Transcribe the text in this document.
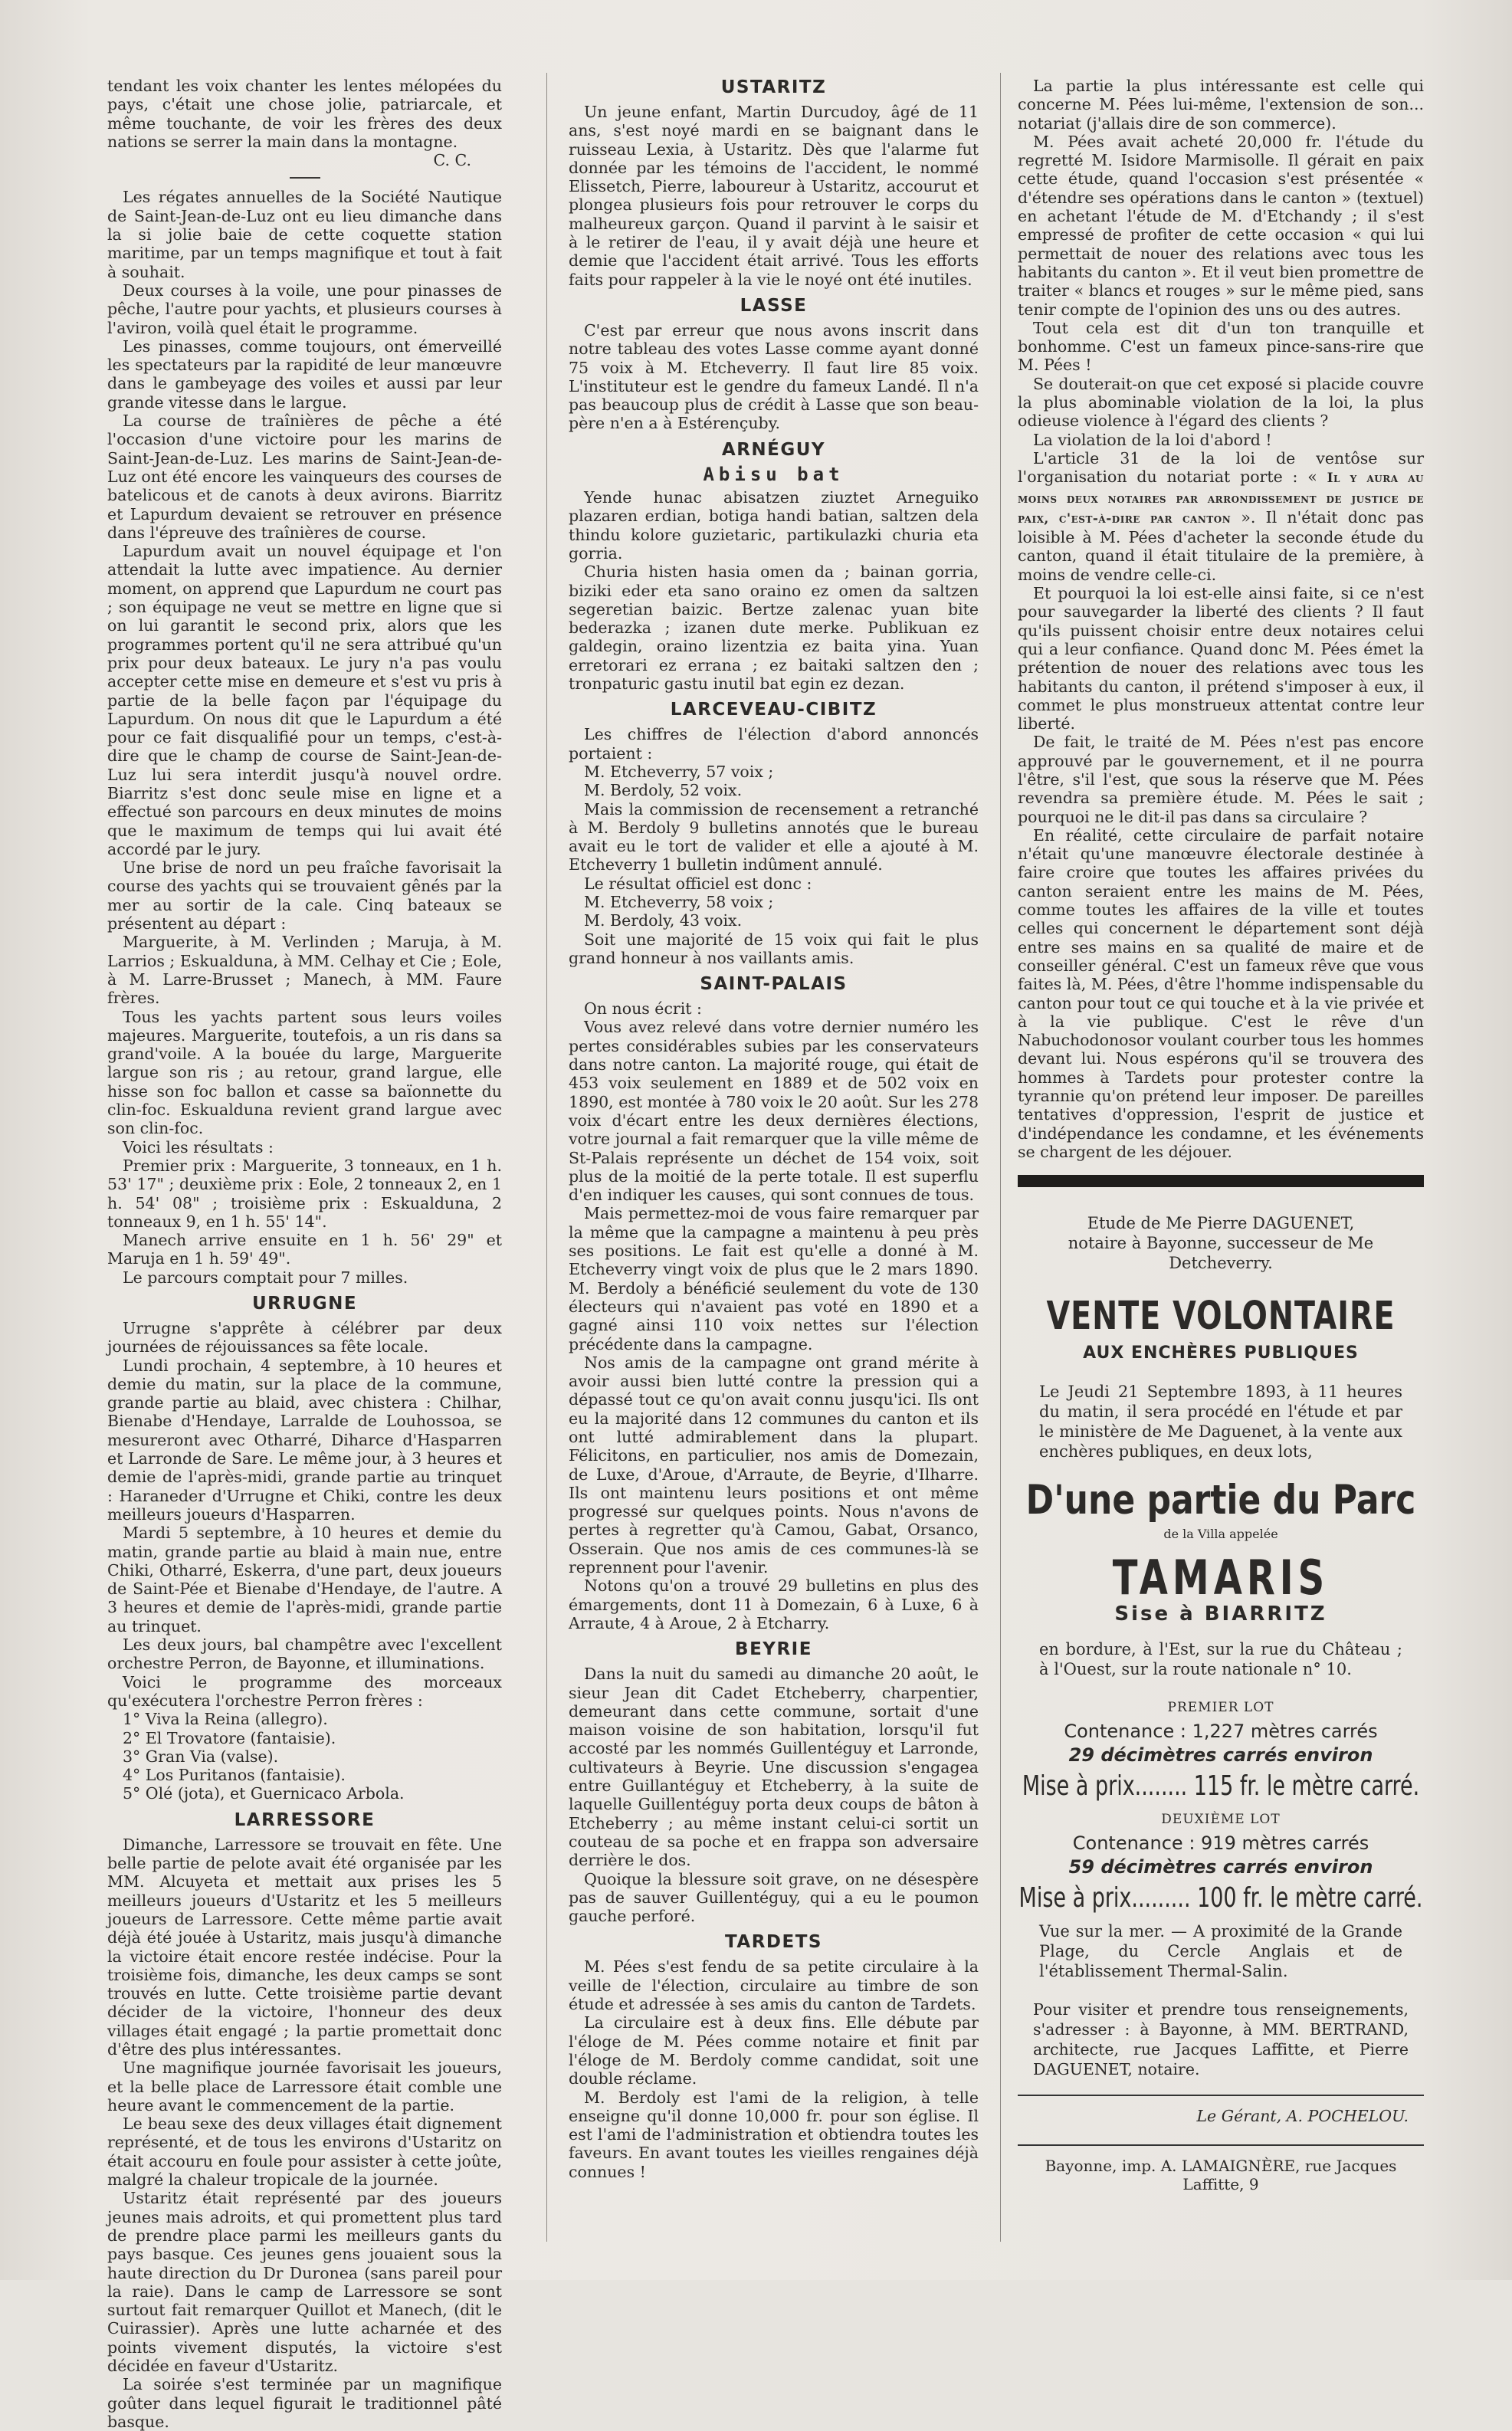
tendant les voix chanter les lentes mélopées du pays, c'était une chose jolie, patriarcale, et même touchante, de voir les frères des deux nations se serrer la main dans la montagne.

C. C.

Les régates annuelles de la Société Nautique de Saint-Jean-de-Luz ont eu lieu dimanche dans la si jolie baie de cette coquette station maritime, par un temps magnifique et tout à fait à souhait.

Deux courses à la voile, une pour pinasses de pêche, l'autre pour yachts, et plusieurs courses à l'aviron, voilà quel était le programme.

Les pinasses, comme toujours, ont émerveillé les spectateurs par la rapidité de leur manœuvre dans le gambeyage des voiles et aussi par leur grande vitesse dans le largue.

La course de traînières de pêche a été l'occasion d'une victoire pour les marins de Saint-Jean-de-Luz. Les marins de Saint-Jean-de-Luz ont été encore les vainqueurs des courses de batelicous et de canots à deux avirons. Biarritz et Lapurdum devaient se retrouver en présence dans l'épreuve des traînières de course.

Lapurdum avait un nouvel équipage et l'on attendait la lutte avec impatience. Au dernier moment, on apprend que Lapurdum ne court pas ; son équipage ne veut se mettre en ligne que si on lui garantit le second prix, alors que les programmes portent qu'il ne sera attribué qu'un prix pour deux bateaux. Le jury n'a pas voulu accepter cette mise en demeure et s'est vu pris à partie de la belle façon par l'équipage du Lapurdum. On nous dit que le Lapurdum a été pour ce fait disqualifié pour un temps, c'est-à-dire que le champ de course de Saint-Jean-de-Luz lui sera interdit jusqu'à nouvel ordre. Biarritz s'est donc seule mise en ligne et a effectué son parcours en deux minutes de moins que le maximum de temps qui lui avait été accordé par le jury.

Une brise de nord un peu fraîche favorisait la course des yachts qui se trouvaient gênés par la mer au sortir de la cale. Cinq bateaux se présentent au départ :

Marguerite, à M. Verlinden ; Maruja, à M. Larrios ; Eskualduna, à MM. Celhay et Cie ; Eole, à M. Larre-Brusset ; Manech, à MM. Faure frères.

Tous les yachts partent sous leurs voiles majeures. Marguerite, toutefois, a un ris dans sa grand'voile. A la bouée du large, Marguerite largue son ris ; au retour, grand largue, elle hisse son foc ballon et casse sa baïonnette du clin-foc. Eskualduna revient grand largue avec son clin-foc.

Voici les résultats :

Premier prix : Marguerite, 3 tonneaux, en 1 h. 53' 17" ; deuxième prix : Eole, 2 tonneaux 2, en 1 h. 54' 08" ; troisième prix : Eskualduna, 2 tonneaux 9, en 1 h. 55' 14".

Manech arrive ensuite en 1 h. 56' 29" et Maruja en 1 h. 59' 49".

Le parcours comptait pour 7 milles.

URRUGNE

Urrugne s'apprête à célébrer par deux journées de réjouissances sa fête locale.

Lundi prochain, 4 septembre, à 10 heures et demie du matin, sur la place de la commune, grande partie au blaid, avec chistera : Chilhar, Bienabe d'Hendaye, Larralde de Louhossoa, se mesureront avec Otharré, Diharce d'Hasparren et Larronde de Sare. Le même jour, à 3 heures et demie de l'après-midi, grande partie au trinquet : Haraneder d'Urrugne et Chiki, contre les deux meilleurs joueurs d'Hasparren.

Mardi 5 septembre, à 10 heures et demie du matin, grande partie au blaid à main nue, entre Chiki, Otharré, Eskerra, d'une part, deux joueurs de Saint-Pée et Bienabe d'Hendaye, de l'autre. A 3 heures et demie de l'après-midi, grande partie au trinquet.

Les deux jours, bal champêtre avec l'excellent orchestre Perron, de Bayonne, et illuminations.

Voici le programme des morceaux qu'exécutera l'orchestre Perron frères :

1° Viva la Reina (allegro).

2° El Trovatore (fantaisie).

3° Gran Via (valse).

4° Los Puritanos (fantaisie).

5° Olé (jota), et Guernicaco Arbola.

LARRESSORE

Dimanche, Larressore se trouvait en fête. Une belle partie de pelote avait été organisée par les MM. Alcuyeta et mettait aux prises les 5 meilleurs joueurs d'Ustaritz et les 5 meilleurs joueurs de Larressore. Cette même partie avait déjà été jouée à Ustaritz, mais jusqu'à dimanche la victoire était encore restée indécise. Pour la troisième fois, dimanche, les deux camps se sont trouvés en lutte. Cette troisième partie devant décider de la victoire, l'honneur des deux villages était engagé ; la partie promettait donc d'être des plus intéressantes.

Une magnifique journée favorisait les joueurs, et la belle place de Larressore était comble une heure avant le commencement de la partie.

Le beau sexe des deux villages était dignement représenté, et de tous les environs d'Ustaritz on était accouru en foule pour assister à cette joûte, malgré la chaleur tropicale de la journée.

Ustaritz était représenté par des joueurs jeunes mais adroits, et qui promettent plus tard de prendre place parmi les meilleurs gants du pays basque. Ces jeunes gens jouaient sous la haute direction du Dr Duronea (sans pareil pour la raie). Dans le camp de Larressore se sont surtout fait remarquer Quillot et Manech, (dit le Cuirassier). Après une lutte acharnée et des points vivement disputés, la victoire s'est décidée en faveur d'Ustaritz.

La soirée s'est terminée par un magnifique goûter dans lequel figurait le traditionnel pâté basque.

USTARITZ

Un jeune enfant, Martin Durcudoy, âgé de 11 ans, s'est noyé mardi en se baignant dans le ruisseau Lexia, à Ustaritz. Dès que l'alarme fut donnée par les témoins de l'accident, le nommé Elissetch, Pierre, laboureur à Ustaritz, accourut et plongea plusieurs fois pour retrouver le corps du malheureux garçon. Quand il parvint à le saisir et à le retirer de l'eau, il y avait déjà une heure et demie que l'accident était arrivé. Tous les efforts faits pour rappeler à la vie le noyé ont été inutiles.

LASSE

C'est par erreur que nous avons inscrit dans notre tableau des votes Lasse comme ayant donné 75 voix à M. Etcheverry. Il faut lire 85 voix. L'instituteur est le gendre du fameux Landé. Il n'a pas beaucoup plus de crédit à Lasse que son beau-père n'en a à Estérençuby.

ARNÉGUY
Abisu bat

Yende hunac abisatzen ziuztet Arneguiko plazaren erdian, botiga handi batian, saltzen dela thindu kolore guzietaric, partikulazki churia eta gorria.

Churia histen hasia omen da ; bainan gorria, biziki eder eta sano oraino ez omen da saltzen segeretian baizic. Bertze zalenac yuan bite bederazka ; izanen dute merke. Publikuan ez galdegin, oraino lizentzia ez baita yina. Yuan erretorari ez errana ; ez baitaki saltzen den ; tronpaturic gastu inutil bat egin ez dezan.

LARCEVEAU-CIBITZ

Les chiffres de l'élection d'abord annoncés portaient :

M. Etcheverry, 57 voix ;

M. Berdoly, 52 voix.

Mais la commission de recensement a retranché à M. Berdoly 9 bulletins annotés que le bureau avait eu le tort de valider et elle a ajouté à M. Etcheverry 1 bulletin indûment annulé.

Le résultat officiel est donc :

M. Etcheverry, 58 voix ;

M. Berdoly, 43 voix.

Soit une majorité de 15 voix qui fait le plus grand honneur à nos vaillants amis.

SAINT-PALAIS

On nous écrit :

Vous avez relevé dans votre dernier numéro les pertes considérables subies par les conservateurs dans notre canton. La majorité rouge, qui était de 453 voix seulement en 1889 et de 502 voix en 1890, est montée à 780 voix le 20 août. Sur les 278 voix d'écart entre les deux dernières élections, votre journal a fait remarquer que la ville même de St-Palais représente un déchet de 154 voix, soit plus de la moitié de la perte totale. Il est superflu d'en indiquer les causes, qui sont connues de tous.

Mais permettez-moi de vous faire remarquer par la même que la campagne a maintenu à peu près ses positions. Le fait est qu'elle a donné à M. Etcheverry vingt voix de plus que le 2 mars 1890. M. Berdoly a bénéficié seulement du vote de 130 électeurs qui n'avaient pas voté en 1890 et a gagné ainsi 110 voix nettes sur l'élection précédente dans la campagne.

Nos amis de la campagne ont grand mérite à avoir aussi bien lutté contre la pression qui a dépassé tout ce qu'on avait connu jusqu'ici. Ils ont eu la majorité dans 12 communes du canton et ils ont lutté admirablement dans la plupart. Félicitons, en particulier, nos amis de Domezain, de Luxe, d'Aroue, d'Arraute, de Beyrie, d'Ilharre. Ils ont maintenu leurs positions et ont même progressé sur quelques points. Nous n'avons de pertes à regretter qu'à Camou, Gabat, Orsanco, Osserain. Que nos amis de ces communes-là se reprennent pour l'avenir.

Notons qu'on a trouvé 29 bulletins en plus des émargements, dont 11 à Domezain, 6 à Luxe, 6 à Arraute, 4 à Aroue, 2 à Etcharry.

BEYRIE

Dans la nuit du samedi au dimanche 20 août, le sieur Jean dit Cadet Etcheberry, charpentier, demeurant dans cette commune, sortait d'une maison voisine de son habitation, lorsqu'il fut accosté par les nommés Guillentéguy et Larronde, cultivateurs à Beyrie. Une discussion s'engagea entre Guillantéguy et Etcheberry, à la suite de laquelle Guillentéguy porta deux coups de bâton à Etcheberry ; au même instant celui-ci sortit un couteau de sa poche et en frappa son adversaire derrière le dos.

Quoique la blessure soit grave, on ne désespère pas de sauver Guillentéguy, qui a eu le poumon gauche perforé.

TARDETS

M. Pées s'est fendu de sa petite circulaire à la veille de l'élection, circulaire au timbre de son étude et adressée à ses amis du canton de Tardets.

La circulaire est à deux fins. Elle débute par l'éloge de M. Pées comme notaire et finit par l'éloge de M. Berdoly comme candidat, soit une double réclame.

M. Berdoly est l'ami de la religion, à telle enseigne qu'il donne 10,000 fr. pour son église. Il est l'ami de l'administration et obtiendra toutes les faveurs. En avant toutes les vieilles rengaines déjà connues !

La partie la plus intéressante est celle qui concerne M. Pées lui-même, l'extension de son... notariat (j'allais dire de son commerce).

M. Pées avait acheté 20,000 fr. l'étude du regretté M. Isidore Marmisolle. Il gérait en paix cette étude, quand l'occasion s'est présentée « d'étendre ses opérations dans le canton » (textuel) en achetant l'étude de M. d'Etchandy ; il s'est empressé de profiter de cette occasion « qui lui permettait de nouer des relations avec tous les habitants du canton ». Et il veut bien promettre de traiter « blancs et rouges » sur le même pied, sans tenir compte de l'opinion des uns ou des autres.

Tout cela est dit d'un ton tranquille et bonhomme. C'est un fameux pince-sans-rire que M. Pées !

Se douterait-on que cet exposé si placide couvre la plus abominable violation de la loi, la plus odieuse violence à l'égard des clients ?

La violation de la loi d'abord !

L'article 31 de la loi de ventôse sur l'organisation du notariat porte : « Il y aura au moins deux notaires par arrondissement de justice de paix, c'est-à-dire par canton ». Il n'était donc pas loisible à M. Pées d'acheter la seconde étude du canton, quand il était titulaire de la première, à moins de vendre celle-ci.

Et pourquoi la loi est-elle ainsi faite, si ce n'est pour sauvegarder la liberté des clients ? Il faut qu'ils puissent choisir entre deux notaires celui qui a leur confiance. Quand donc M. Pées émet la prétention de nouer des relations avec tous les habitants du canton, il prétend s'imposer à eux, il commet le plus monstrueux attentat contre leur liberté.

De fait, le traité de M. Pées n'est pas encore approuvé par le gouvernement, et il ne pourra l'être, s'il l'est, que sous la réserve que M. Pées revendra sa première étude. M. Pées le sait ; pourquoi ne le dit-il pas dans sa circulaire ?

En réalité, cette circulaire de parfait notaire n'était qu'une manœuvre électorale destinée à faire croire que toutes les affaires privées du canton seraient entre les mains de M. Pées, comme toutes les affaires de la ville et toutes celles qui concernent le département sont déjà entre ses mains en sa qualité de maire et de conseiller général. C'est un fameux rêve que vous faites là, M. Pées, d'être l'homme indispensable du canton pour tout ce qui touche et à la vie privée et à la vie publique. C'est le rêve d'un Nabuchodonosor voulant courber tous les hommes devant lui. Nous espérons qu'il se trouvera des hommes à Tardets pour protester contre la tyrannie qu'on prétend leur imposer. De pareilles tentatives d'oppression, l'esprit de justice et d'indépendance les condamne, et les événements se chargent de les déjouer.

Etude de Me Pierre DAGUENET, notaire à Bayonne, successeur de Me Detcheverry.
VENTE VOLONTAIRE
AUX ENCHÈRES PUBLIQUES
Le Jeudi 21 Septembre 1893, à 11 heures du matin, il sera procédé en l'étude et par le ministère de Me Daguenet, à la vente aux enchères publiques, en deux lots,
D'une partie du Parc
de la Villa appelée
TAMARIS
Sise à BIARRITZ
en bordure, à l'Est, sur la rue du Château ; à l'Ouest, sur la route nationale n° 10.
PREMIER LOT
Contenance : 1,227 mètres carrés
29 décimètres carrés environ
Mise à prix........ 115 fr. le mètre carré.
DEUXIÈME LOT
Contenance : 919 mètres carrés
59 décimètres carrés environ
Mise à prix......... 100 fr. le mètre carré.
Vue sur la mer. — A proximité de la Grande Plage, du Cercle Anglais et de l'établissement Thermal-Salin.
Pour visiter et prendre tous renseignements, s'adresser : à Bayonne, à MM. BERTRAND, architecte, rue Jacques Laffitte, et Pierre DAGUENET, notaire.
Le Gérant, A. POCHELOU.
Bayonne, imp. A. LAMAIGNÈRE, rue Jacques Laffitte, 9
